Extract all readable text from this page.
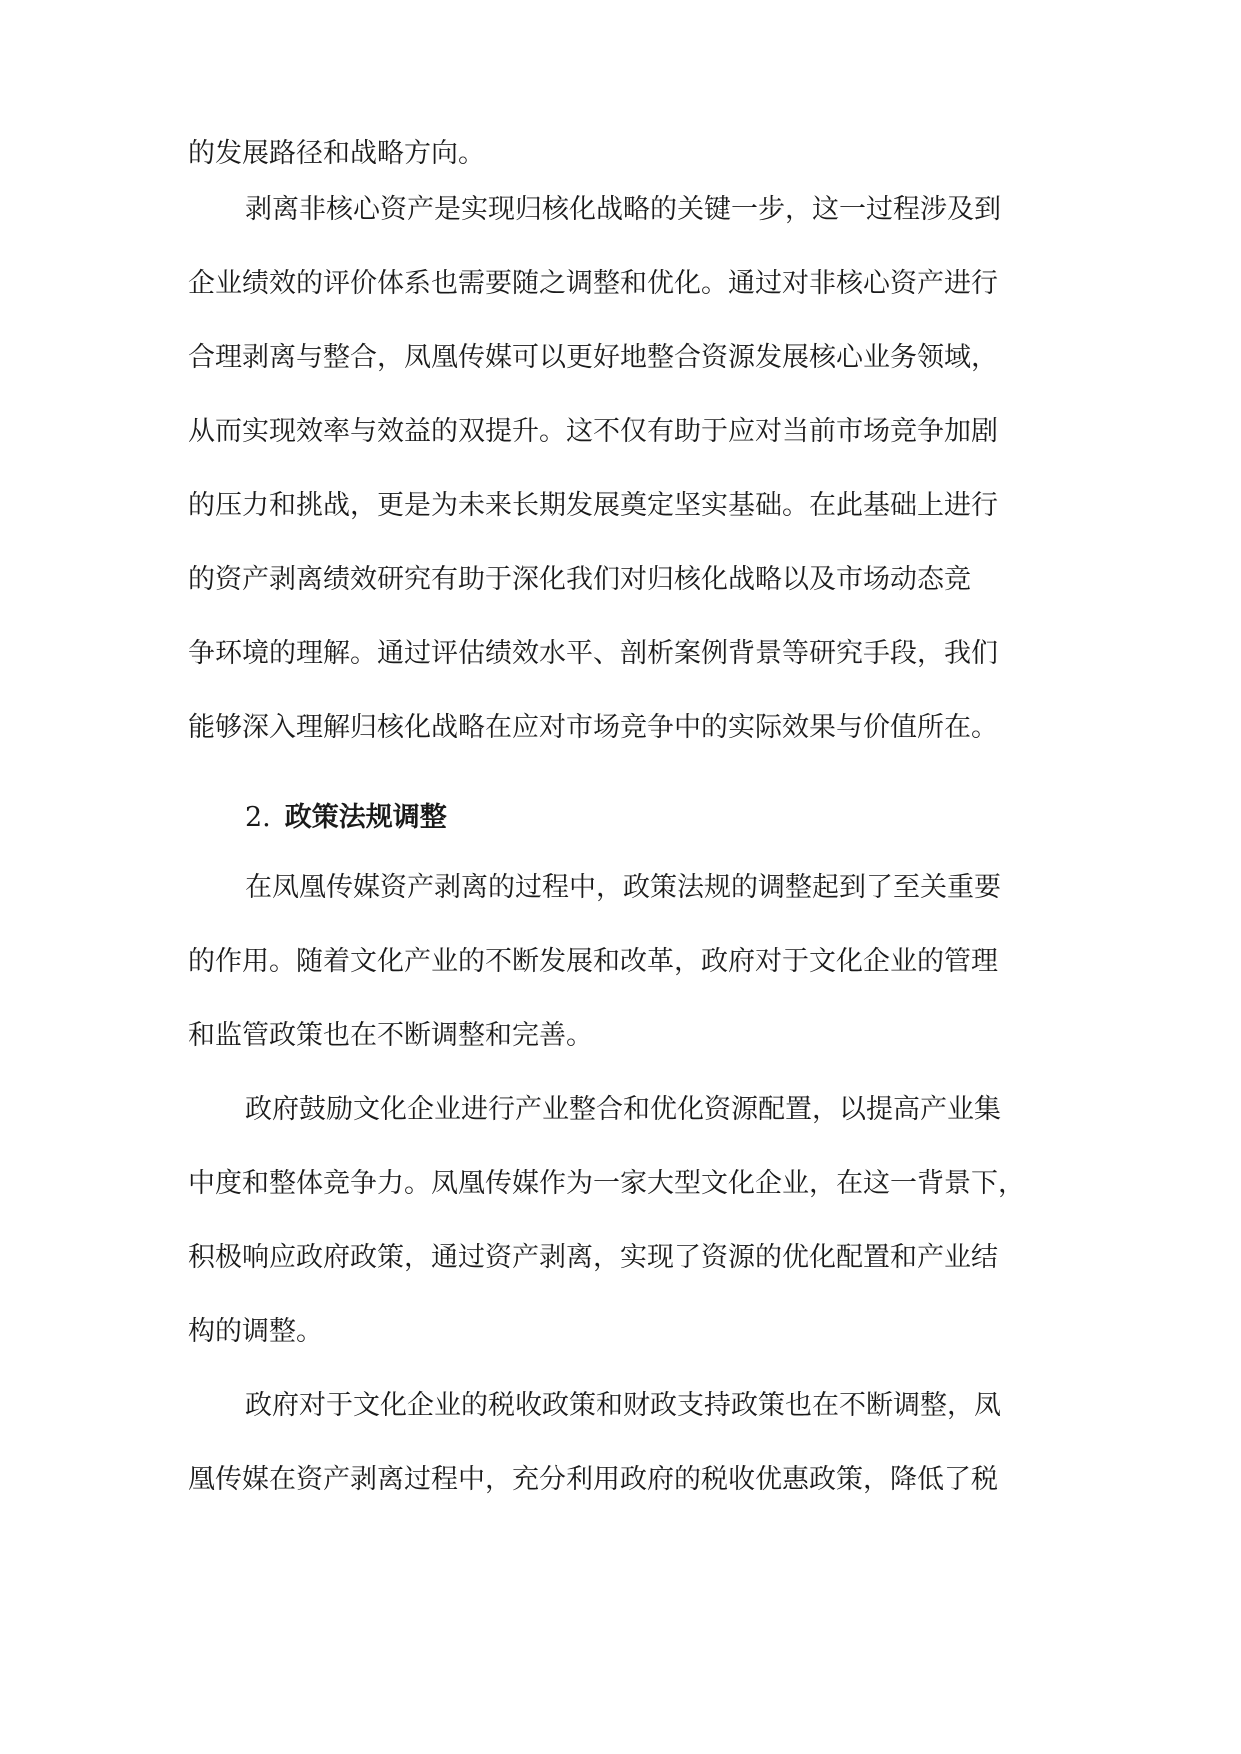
的发展路径和战略方向。
剥离非核心资产是实现归核化战略的关键一步，这一过程涉及到
企业绩效的评价体系也需要随之调整和优化。通过对非核心资产进行
合理剥离与整合，凤凰传媒可以更好地整合资源发展核心业务领域，
从而实现效率与效益的双提升。这不仅有助于应对当前市场竞争加剧
的压力和挑战，更是为未来长期发展奠定坚实基础。在此基础上进行
的资产剥离绩效研究有助于深化我们对归核化战略以及市场动态竞
争环境的理解。通过评估绩效水平、剖析案例背景等研究手段，我们
能够深入理解归核化战略在应对市场竞争中的实际效果与价值所在。
2. 政策法规调整
在凤凰传媒资产剥离的过程中，政策法规的调整起到了至关重要
的作用。随着文化产业的不断发展和改革，政府对于文化企业的管理
和监管政策也在不断调整和完善。
政府鼓励文化企业进行产业整合和优化资源配置，以提高产业集
中度和整体竞争力。凤凰传媒作为一家大型文化企业，在这一背景下，
积极响应政府政策，通过资产剥离，实现了资源的优化配置和产业结
构的调整。
政府对于文化企业的税收政策和财政支持政策也在不断调整，凤
凰传媒在资产剥离过程中，充分利用政府的税收优惠政策，降低了税
